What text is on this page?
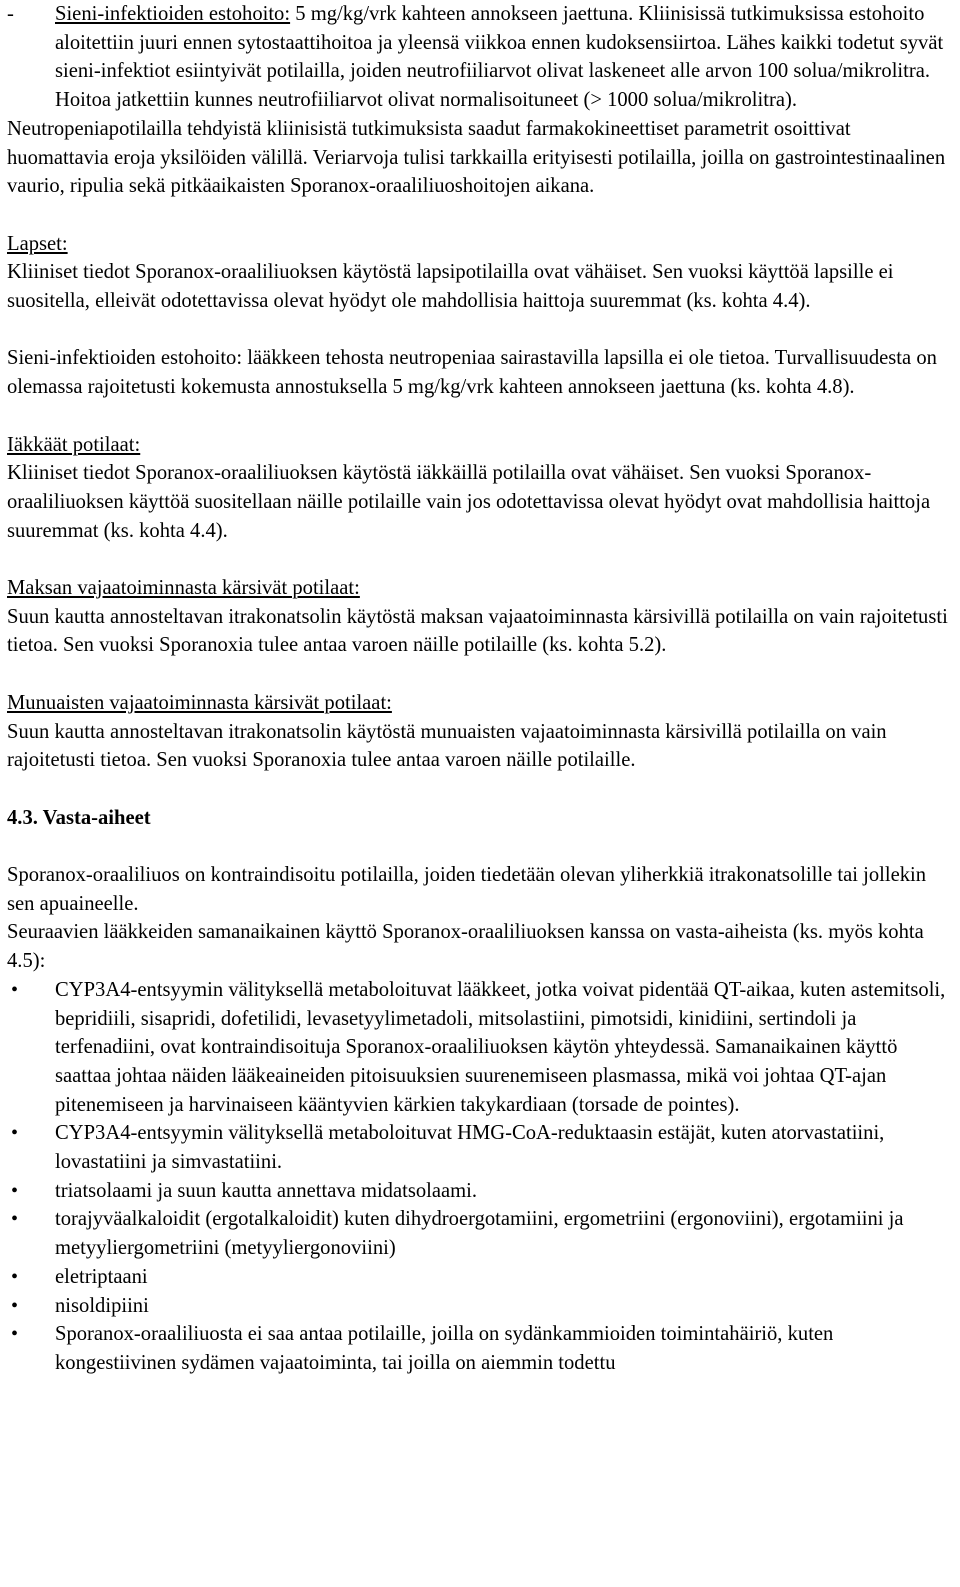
- Sieni-infektioiden estohoito: 5 mg/kg/vrk kahteen annokseen jaettuna. Kliinisissä tutkimuksissa estohoito aloitettiin juuri ennen sytostaattihoitoa ja yleensä viikkoa ennen kudoksensiirtoa. Lähes kaikki todetut syvät sieni-infektiot esiintyivät potilailla, joiden neutrofiiliarvot olivat laskeneet alle arvon 100 solua/mikrolitra. Hoitoa jatkettiin kunnes neutrofiiliarvot olivat normalisoituneet (> 1000 solua/mikrolitra).

Neutropeniapotilailla tehdyistä kliinisistä tutkimuksista saadut farmakokineettiset parametrit osoittivat huomattavia eroja yksilöiden välillä. Veriarvoja tulisi tarkkailla erityisesti potilailla, joilla on gastrointestinaalinen vaurio, ripulia sekä pitkäaikaisten Sporanox-oraaliliuoshoitojen aikana.

Lapset:

Kliiniset tiedot Sporanox-oraaliliuoksen käytöstä lapsipotilailla ovat vähäiset. Sen vuoksi käyttöä lapsille ei suositella, elleivät odotettavissa olevat hyödyt ole mahdollisia haittoja suuremmat (ks. kohta 4.4).

Sieni-infektioiden estohoito: lääkkeen tehosta neutropeniaa sairastavilla lapsilla ei ole tietoa. Turvallisuudesta on olemassa rajoitetusti kokemusta annostuksella 5 mg/kg/vrk kahteen annokseen jaettuna (ks. kohta 4.8).

Iäkkäät potilaat:

Kliiniset tiedot Sporanox-oraaliliuoksen käytöstä iäkkäillä potilailla ovat vähäiset. Sen vuoksi Sporanox-oraaliliuoksen käyttöä suositellaan näille potilaille vain jos odotettavissa olevat hyödyt ovat mahdollisia haittoja suuremmat (ks. kohta 4.4).

Maksan vajaatoiminnasta kärsivät potilaat:

Suun kautta annosteltavan itrakonatsolin käytöstä maksan vajaatoiminnasta kärsivillä potilailla on vain rajoitetusti tietoa. Sen vuoksi Sporanoxia tulee antaa varoen näille potilaille (ks. kohta 5.2).

Munuaisten vajaatoiminnasta kärsivät potilaat:

Suun kautta annosteltavan itrakonatsolin käytöstä munuaisten vajaatoiminnasta kärsivillä potilailla on vain rajoitetusti tietoa. Sen vuoksi Sporanoxia tulee antaa varoen näille potilaille.

4.3. Vasta-aiheet

Sporanox-oraaliliuos on kontraindisoitu potilailla, joiden tiedetään olevan yliherkkiä itrakonatsolille tai jollekin sen apuaineelle.

Seuraavien lääkkeiden samanaikainen käyttö Sporanox-oraaliliuoksen kanssa on vasta-aiheista (ks. myös kohta 4.5):

• CYP3A4-entsyymin välityksellä metaboloituvat lääkkeet, jotka voivat pidentää QT-aikaa, kuten astemitsoli, bepridiili, sisapridi, dofetilidi, levasetyylimetadoli, mitsolastiini, pimotsidi, kinidiini, sertindoli ja terfenadiini, ovat kontraindisoituja Sporanox-oraaliliuoksen käytön yhteydessä. Samanaikainen käyttö saattaa johtaa näiden lääkeaineiden pitoisuuksien suurenemiseen plasmassa, mikä voi johtaa QT-ajan pitenemiseen ja harvinaiseen kääntyvien kärkien takykardiaan (torsade de pointes).
• CYP3A4-entsyymin välityksellä metaboloituvat HMG-CoA-reduktaasin estäjät, kuten atorvastatiini, lovastatiini ja simvastatiini.
• triatsolaami ja suun kautta annettava midatsolaami.
• torajyväalkaloidit (ergotalkaloidit) kuten dihydroergotamiini, ergometriini (ergonoviini), ergotamiini ja metyyliergometriini (metyyliergonoviini)
• eletriptaani
• nisoldipiini
• Sporanox-oraaliliuosta ei saa antaa potilaille, joilla on sydänkammioiden toimintahäiriö, kuten kongestiivinen sydämen vajaatoiminta, tai joilla on aiemmin todettu
